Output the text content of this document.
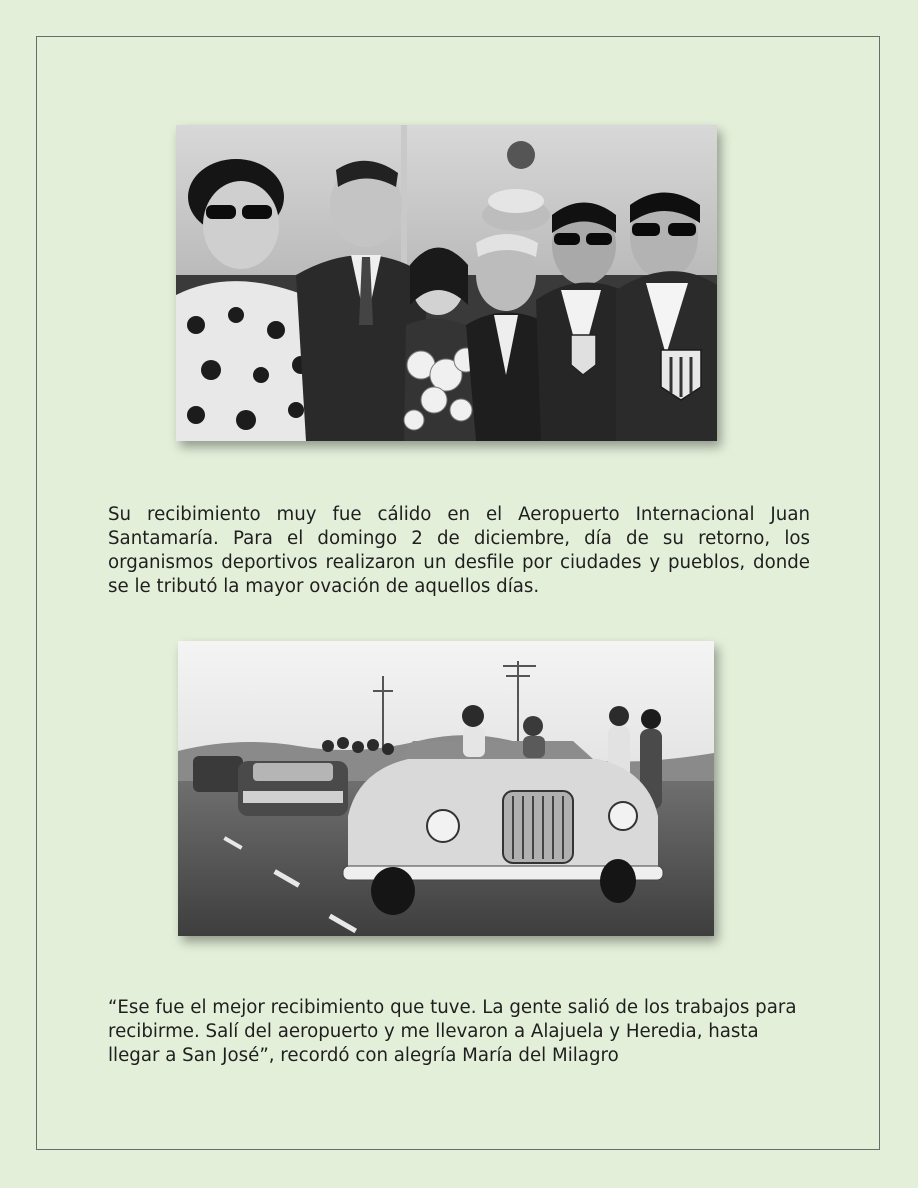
Su recibimiento muy fue cálido en el Aeropuerto Internacional Juan Santamaría. Para el domingo 2 de diciembre, día de su retorno, los organismos deportivos realizaron un desfile por ciudades y pueblos, donde se le tributó la mayor ovación de aquellos días.

“Ese fue el mejor recibimiento que tuve. La gente salió de los trabajos para recibirme. Salí del aeropuerto y me llevaron a Alajuela y Heredia, hasta llegar a San José”, recordó con alegría María del Milagro
